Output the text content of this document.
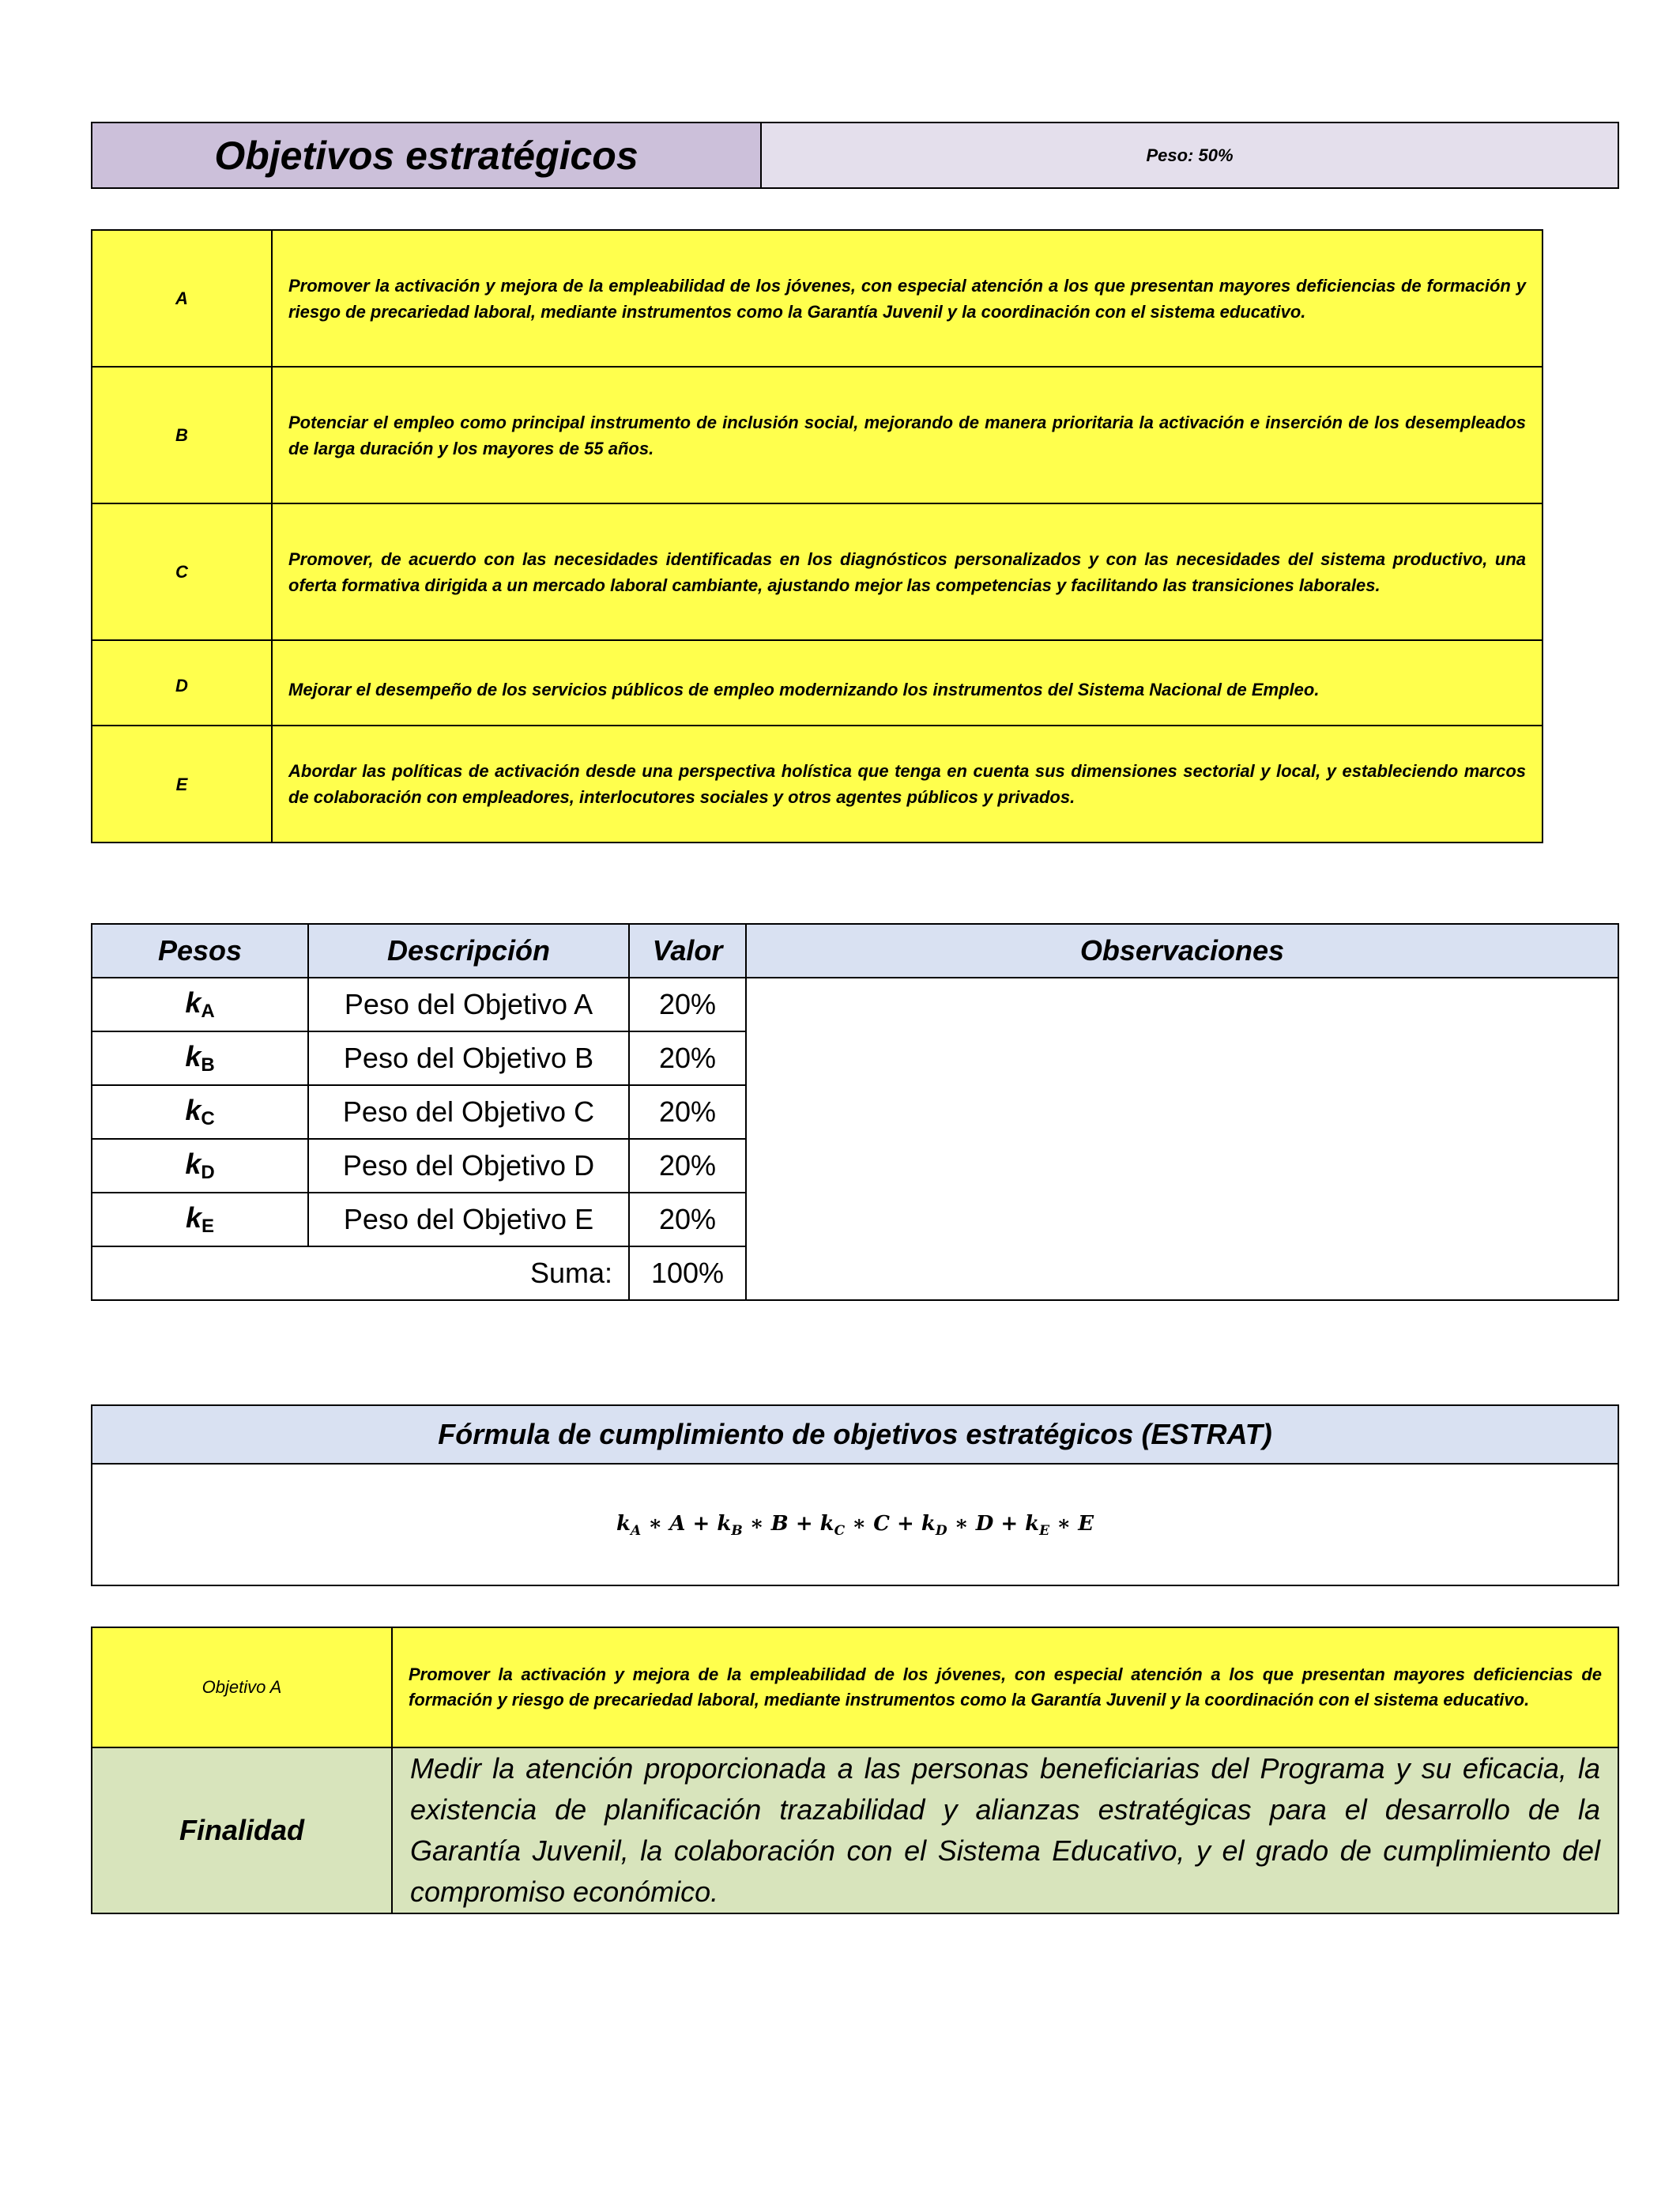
Objetivos estratégicos	Peso: 50%
A	Promover la activación y mejora de la empleabilidad de los jóvenes, con especial atención a los que presentan mayores deficiencias de formación y riesgo de precariedad laboral, mediante instrumentos como la Garantía Juvenil y la coordinación con el sistema educativo.
B	Potenciar el empleo como principal instrumento de inclusión social, mejorando de manera prioritaria la activación e inserción de los desempleados de larga duración y los mayores de 55 años.
C	Promover, de acuerdo con las necesidades identificadas en los diagnósticos personalizados y con las necesidades del sistema productivo, una oferta formativa dirigida a un mercado laboral cambiante, ajustando mejor las competencias y facilitando las transiciones laborales.
D	Mejorar el desempeño de los servicios públicos de empleo modernizando los instrumentos del Sistema Nacional de Empleo.
E	Abordar las políticas de activación desde una perspectiva holística que tenga en cuenta sus dimensiones sectorial y local, y estableciendo marcos de colaboración con empleadores, interlocutores sociales y otros agentes públicos y privados.
Pesos	Descripción	Valor	Observaciones
$k_A$	Peso del Objetivo A	20%	
$k_B$	Peso del Objetivo B	20%	
$k_C$	Peso del Objetivo C	20%	
$k_D$	Peso del Objetivo D	20%	
$k_E$	Peso del Objetivo E	20%	
Suma:		100%	
Fórmula de cumplimiento de objetivos estratégicos (ESTRAT)
$k_A$ ∗ $A + k_B$ ∗ $B + k_C$ ∗ $C + k_D$ ∗ $D + k_E$ ∗ E
Objetivo A	Promover la activación y mejora de la empleabilidad de los jóvenes, con especial atención a los que presentan mayores deficiencias de formación y riesgo de precariedad laboral, mediante instrumentos como la Garantía Juvenil y la coordinación con el sistema educativo.
Finalidad	Medir la atención proporcionada a las personas beneficiarias del Programa y su eficacia, la existencia de planificación trazabilidad y alianzas estratégicas para el desarrollo de la Garantía Juvenil, la colaboración con el Sistema Educativo, y el grado de cumplimiento del compromiso económico.
